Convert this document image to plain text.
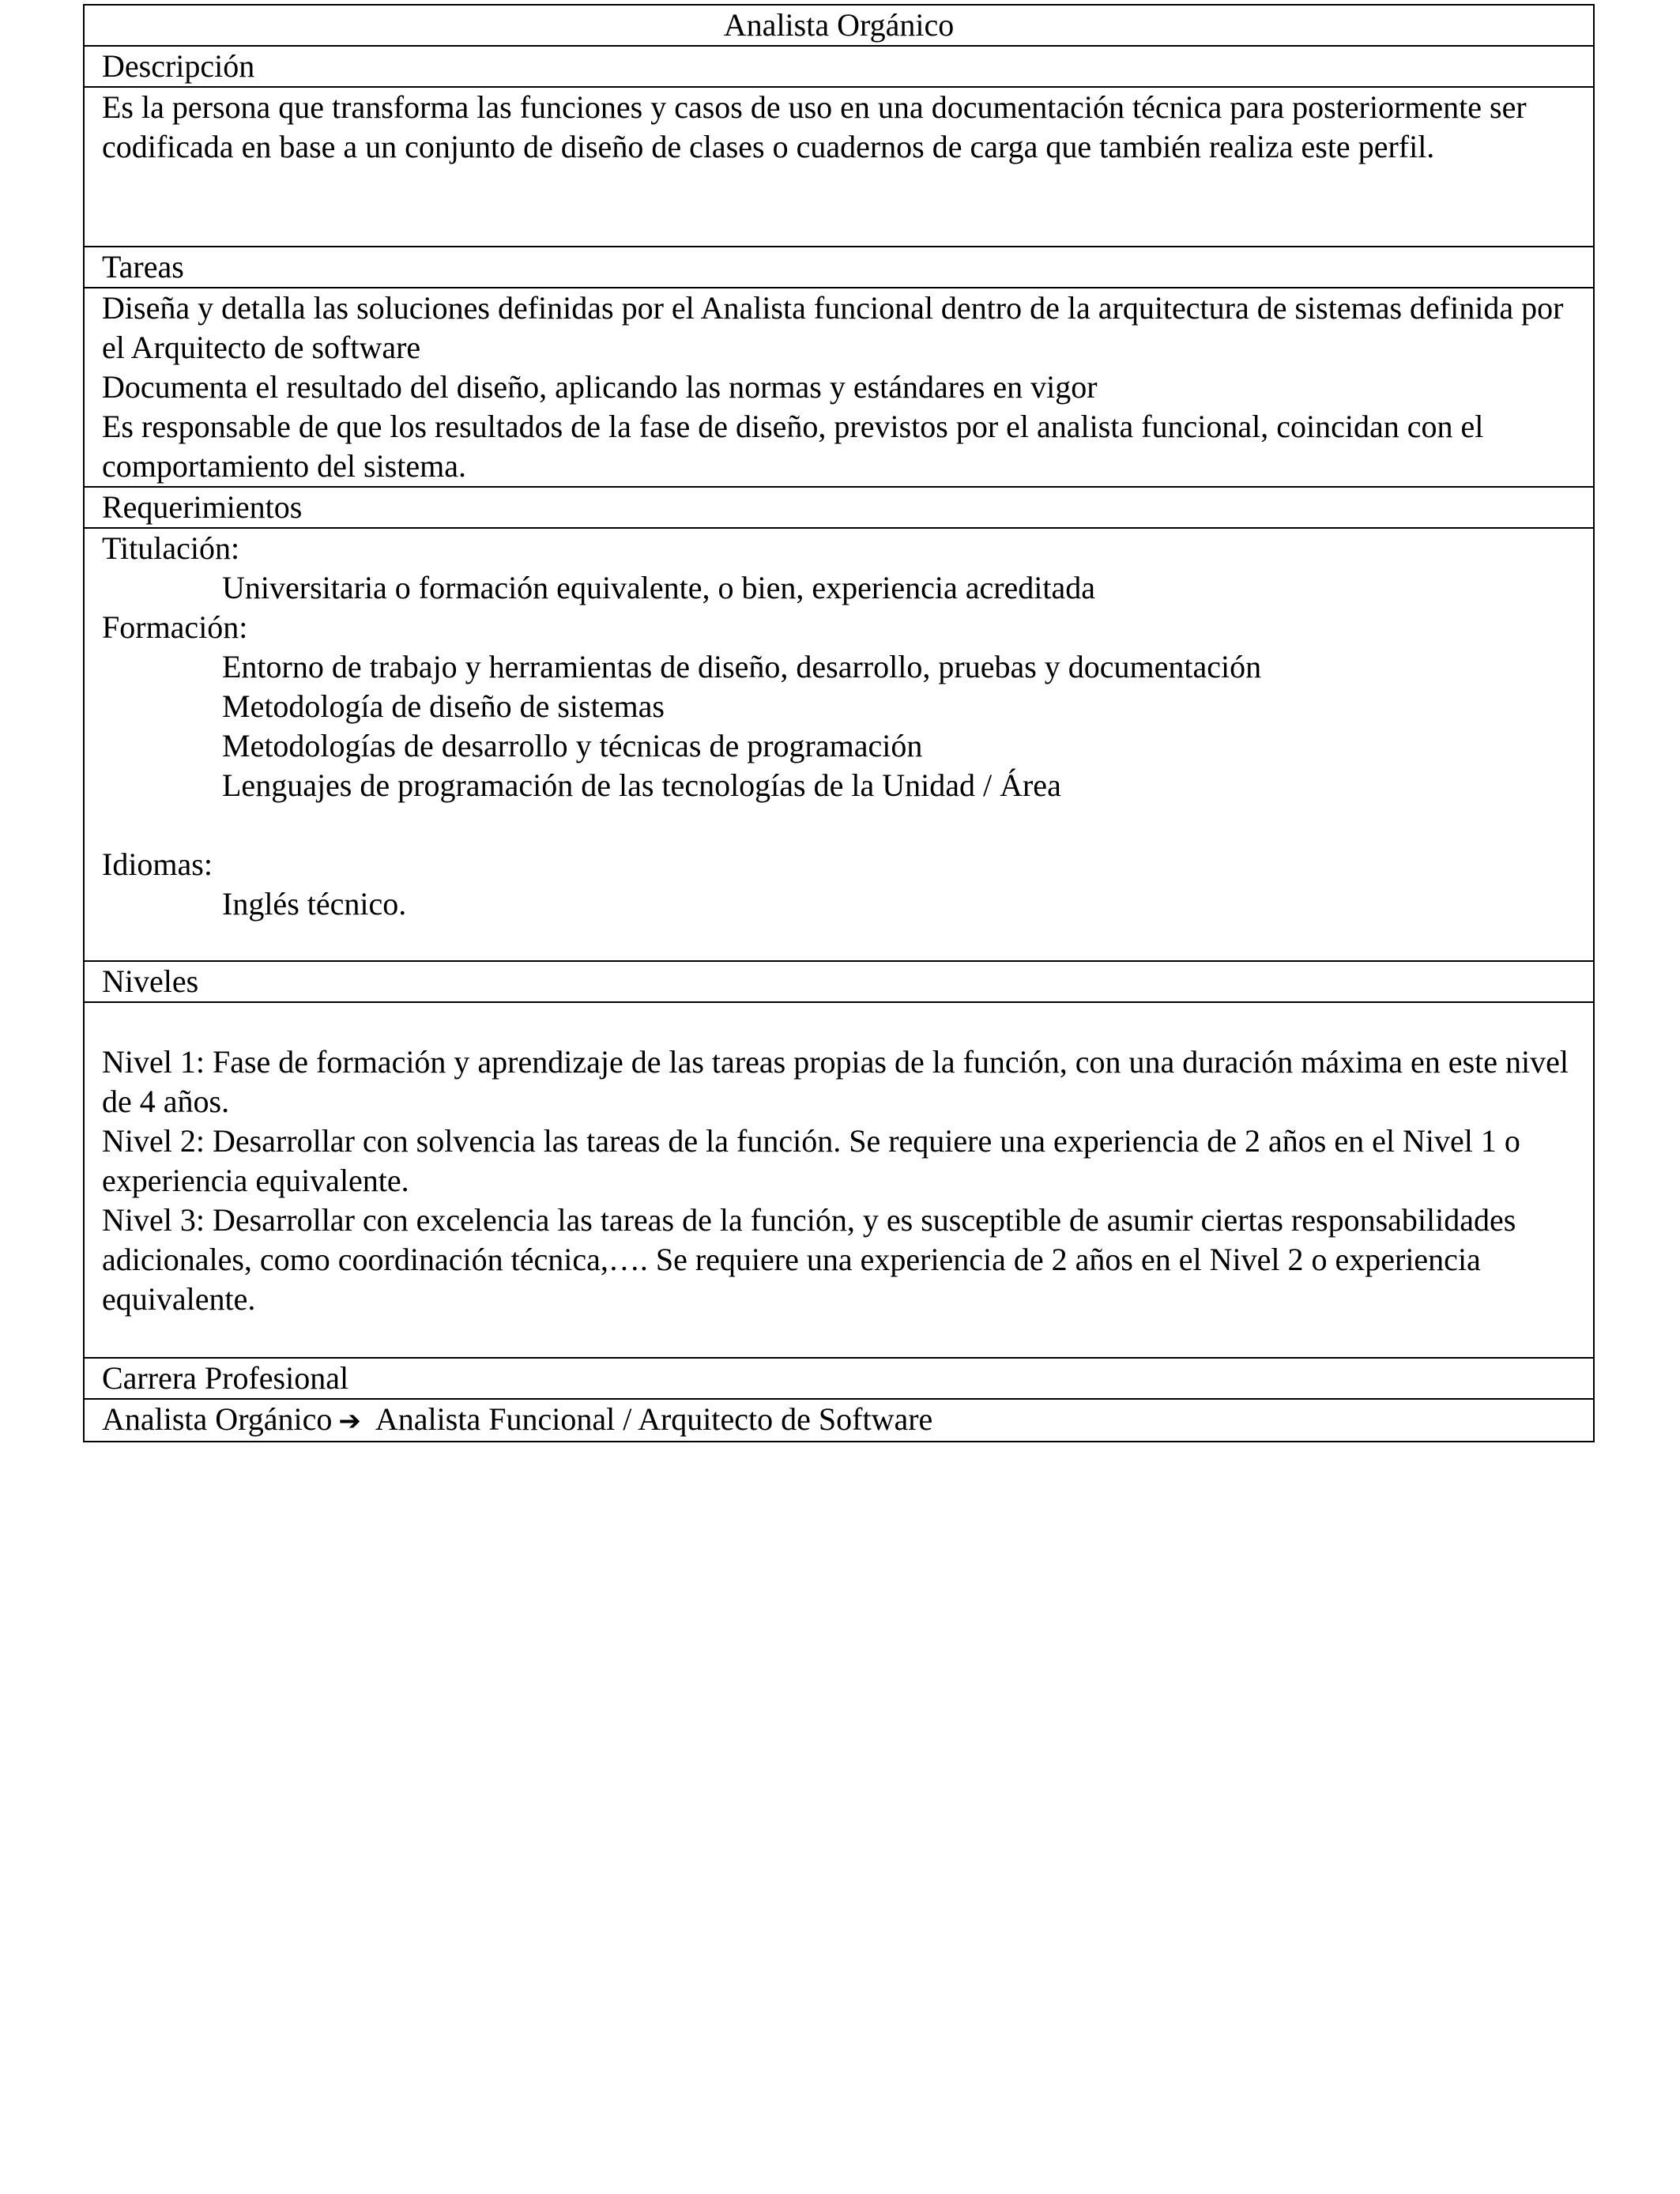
Analista Orgánico
Descripción

Es la persona que transforma las funciones y casos de uso en una documentación técnica para posteriormente ser codificada en base a un conjunto de diseño de clases o cuadernos de carga que también realiza este perfil.

Tareas

Diseña y detalla las soluciones definidas por el Analista funcional dentro de la arquitectura de sistemas definida por el Arquitecto de software
Documenta el resultado del diseño, aplicando las normas y estándares en vigor
Es responsable de que los resultados de la fase de diseño, previstos por el analista funcional, coincidan con el comportamiento del sistema.

Requerimientos

Titulación:
Universitaria o formación equivalente, o bien, experiencia acreditada
Formación:
Entorno de trabajo y herramientas de diseño, desarrollo, pruebas y documentación
Metodología de diseño de sistemas
Metodologías de desarrollo y técnicas de programación
Lenguajes de programación de las tecnologías de la Unidad / Área
Idiomas:
Inglés técnico.

Niveles

Nivel 1: Fase de formación y aprendizaje de las tareas propias de la función, con una duración máxima en este nivel de 4 años.
Nivel 2: Desarrollar con solvencia las tareas de la función. Se requiere una experiencia de 2 años en el Nivel 1 o experiencia equivalente.
Nivel 3: Desarrollar con excelencia las tareas de la función, y es susceptible de asumir ciertas responsabilidades adicionales, como coordinación técnica,…. Se requiere una experiencia de 2 años en el Nivel 2 o experiencia equivalente.

Carrera Profesional
Analista Orgánico ➔ Analista Funcional / Arquitecto de Software
